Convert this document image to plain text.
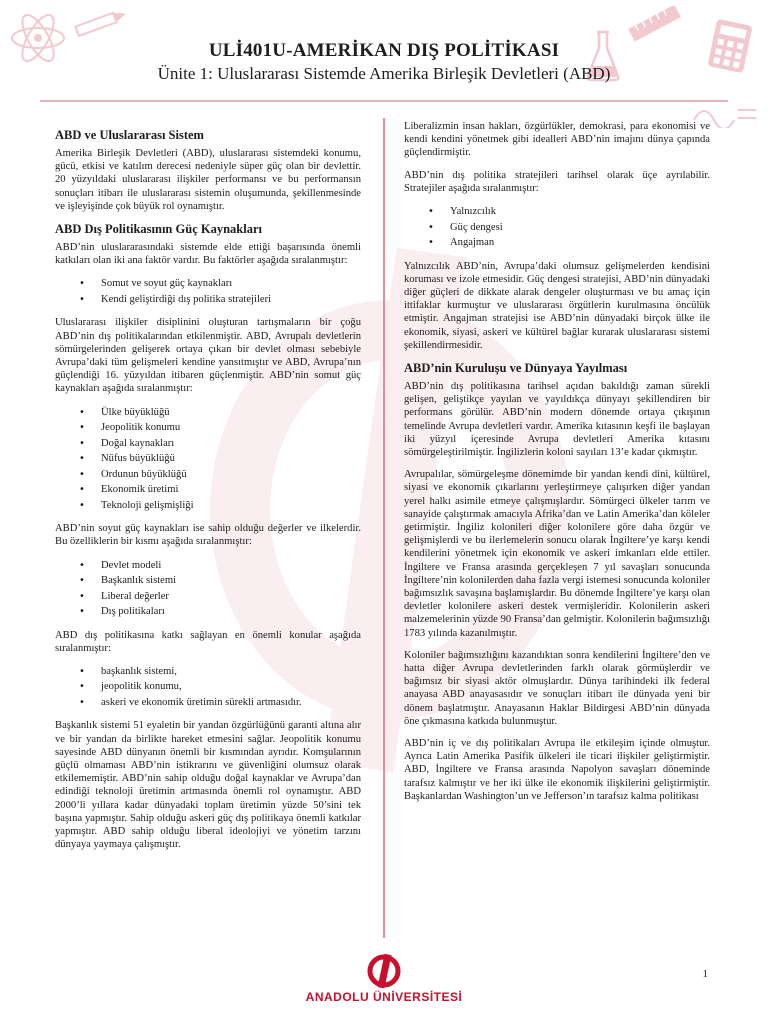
ULİ401U-AMERİKAN DIŞ POLİTİKASI
Ünite 1: Uluslararası Sistemde Amerika Birleşik Devletleri (ABD)
ABD ve Uluslararası Sistem

Amerika Birleşik Devletleri (ABD), uluslararası sistemdeki konumu, gücü, etkisi ve katılım derecesi nedeniyle süper güç olan bir devlettir. 20 yüzyıldaki uluslararası ilişkiler performansı ve bu performansın sonuçları itibarı ile uluslararası sistemin oluşumunda, şekillenmesinde ve işleyişinde çok büyük rol oynamıştır.

ABD Dış Politikasının Güç Kaynakları

ABD’nin uluslararasındaki sistemde elde ettiği başarısında önemli katkıları olan iki ana faktör vardır. Bu faktörler aşağıda sıralanmıştır:

• Somut ve soyut güç kaynakları
• Kendi geliştirdiği dış politika stratejileri

Uluslararası ilişkiler disiplinini oluşturan tartışmaların bir çoğu ABD’nin dış politikalarından etkilenmiştir. ABD, Avrupalı devletlerin sömürgelerinden gelişerek ortaya çıkan bir devlet olması sebebiyle Avrupa’daki tüm gelişmeleri kendine yansıtmıştır ve ABD, Avrupa’nın güçlendiği 16. yüzyıldan itibaren güçlenmiştir. ABD’nin somut güç kaynakları aşağıda sıralanmıştır:

• Ülke büyüklüğü
• Jeopolitik konumu
• Doğal kaynakları
• Nüfus büyüklüğü
• Ordunun büyüklüğü
• Ekonomik üretimi
• Teknoloji gelişmişliği

ABD’nin soyut güç kaynakları ise sahip olduğu değerler ve ilkelerdir. Bu özelliklerin bir kısmı aşağıda sıralanmıştır:

• Devlet modeli
• Başkanlık sistemi
• Liberal değerler
• Dış politikaları

ABD dış politikasına katkı sağlayan en önemli konular aşağıda sıralanmıştır:

• başkanlık sistemi,
• jeopolitik konumu,
• askeri ve ekonomik üretimin sürekli artmasıdır.

Başkanlık sistemi 51 eyaletin bir yandan özgürlüğünü garanti altına alır ve bir yandan da birlikte hareket etmesini sağlar. Jeopolitik konumu sayesinde ABD dünyanın önemli bir kısmından ayrıdır. Komşularının güçlü olmaması ABD’nin istikrarını ve güvenliğini olumsuz olarak etkilememiştir. ABD’nin sahip olduğu doğal kaynaklar ve Avrupa’dan edindiği teknoloji üretimin artmasında önemli rol oynamıştır. ABD 2000’li yıllara kadar dünyadaki toplam üretimin yüzde 50’sini tek başına yapmıştır. Sahip olduğu askeri güç dış politikaya önemli katkılar yapmıştır. ABD sahip olduğu liberal ideolojiyi ve yönetim tarzını dünyaya yaymaya çalışmıştır.

Liberalizmin insan hakları, özgürlükler, demokrasi, para ekonomisi ve kendi kendini yönetmek gibi idealleri ABD’nin imajını dünya çapında güçlendirmiştir.

ABD’nin dış politika stratejileri tarihsel olarak üçe ayrılabilir. Stratejiler aşağıda sıralanmıştır:

• Yalnızcılık
• Güç dengesi
• Angajman

Yalnızcılık ABD’nin, Avrupa’daki olumsuz gelişmelerden kendisini koruması ve izole etmesidir. Güç dengesi stratejisi, ABD’nin dünyadaki diğer güçleri de dikkate alarak dengeler oluşturması ve bu amaç için ittifaklar kurmuştur ve uluslararası örgütlerin kurulmasına öncülük etmiştir. Angajman stratejisi ise ABD’nin dünyadaki birçok ülke ile ekonomik, siyasi, askeri ve kültürel bağlar kurarak uluslararası sistemi şekillendirmesidir.

ABD’nin Kuruluşu ve Dünyaya Yayılması

ABD’nin dış politikasına tarihsel açıdan bakıldığı zaman sürekli gelişen, geliştikçe yayılan ve yayıldıkça dünyayı şekillendiren bir performans görülür. ABD’nin modern dönemde ortaya çıkışının temelinde Avrupa devletleri vardır. Amerika kıtasının keşfi ile başlayan iki yüzyıl içeresinde Avrupa devletleri Amerika kıtasını sömürgeleştirilmiştir. İngilizlerin koloni sayıları 13’e kadar çıkmıştır.

Avrupalılar, sömürgeleşme dönemimde bir yandan kendi dini, kültürel, siyasi ve ekonomik çıkarlarını yerleştirmeye çalışırken diğer yandan yerel halkı asimile etmeye çalışmışlardır. Sömürgeci ülkeler tarım ve sanayide çalıştırmak amacıyla Afrika’dan ve Latin Amerika’dan köleler getirmiştir. İngiliz kolonileri diğer kolonilere göre daha özgür ve gelişmişlerdi ve bu ilerlemelerin sonucu olarak İngiltere’ye karşı kendi kendilerini yönetmek için ekonomik ve askeri imkanları elde ettiler. İngiltere ve Fransa arasında gerçekleşen 7 yıl savaşları sonucunda İngiltere’nin kolonilerden daha fazla vergi istemesi sonucunda koloniler bağımsızlık savaşına başlamışlardır. Bu dönemde İngiltere’ye karşı olan devletler kolonilere askeri destek vermişleridir. Kolonilerin askeri malzemelerinin yüzde 90 Fransa’dan gelmiştir. Kolonilerin bağımsızlığı 1783 yılında kazanılmıştır.

Koloniler bağımsızlığını kazandıktan sonra kendilerini İngiltere’den ve hatta diğer Avrupa devletlerinden farklı olarak görmüşlerdir ve bağımsız bir siyasi aktör olmuşlardır. Dünya tarihindeki ilk federal anayasa ABD anayasasıdır ve sonuçları itibarı ile dünyada yeni bir dönem başlatmıştır. Anayasanın Haklar Bildirgesi ABD’nin dünyada öne çıkmasına katkıda bulunmuştur.

ABD’nin iç ve dış politikaları Avrupa ile etkileşim içinde olmuştur. Ayrıca Latin Amerika Pasifik ülkeleri ile ticari ilişkiler geliştirmiştir. ABD, İngiltere ve Fransa arasında Napolyon savaşları döneminde tarafsız kalmıştır ve her iki ülke ile ekonomik ilişkilerini geliştirmiştir. Başkanlardan Washington’un ve Jefferson’ın tarafsız kalma politikası

1
ANADOLU ÜNİVERSİTESİ
